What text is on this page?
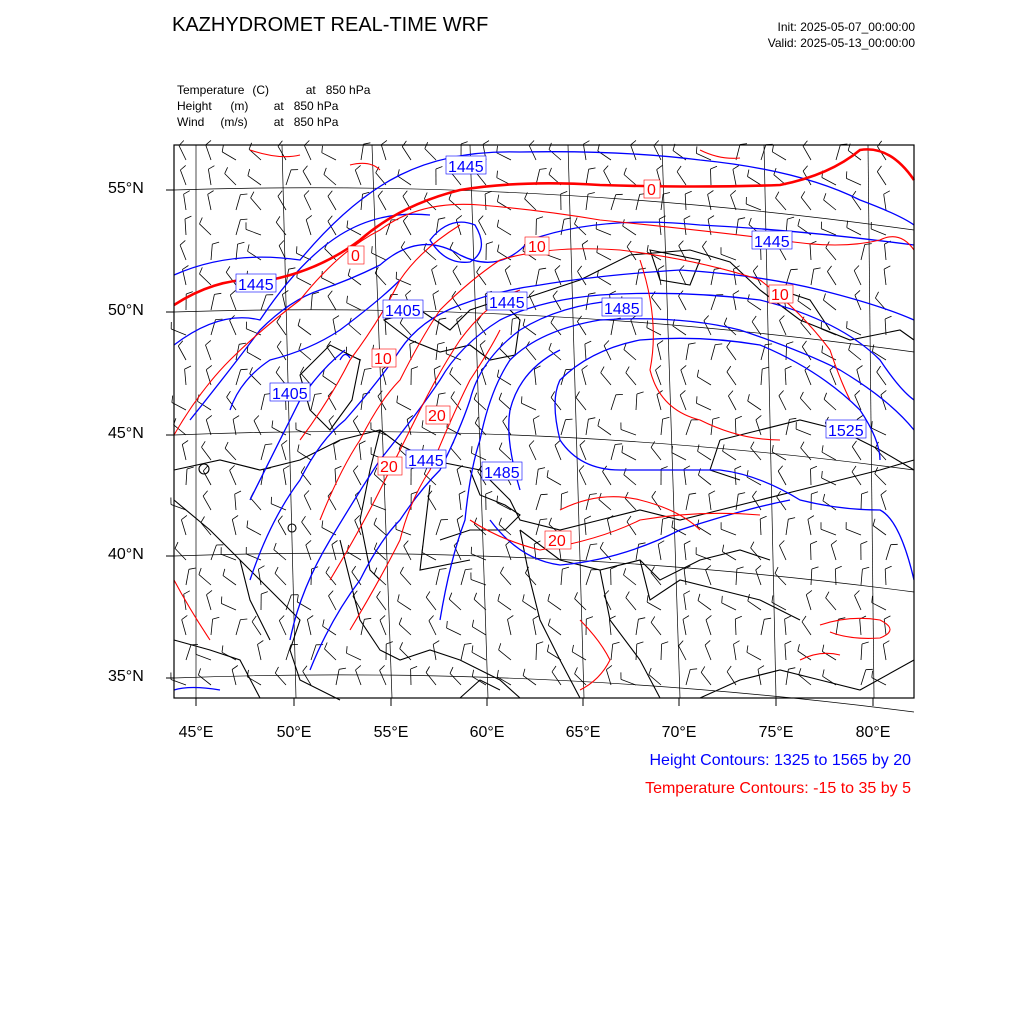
KAZHYDROMET REAL-TIME WRF	Init: 2025-05-07_00:00:00
Valid: 2025-05-13_00:00:00
Temperature (C)	at   850 hPa
Height (m) at   850 hPa
Wind (m/s) at   850 hPa
1445
1445
1445
1405	1445	1485
1405
1445
1485
1525
0
0
10
10
10
20
20
20
55°N
50°N
45°N
40°N
35°N
45°E	50°E	55°E	60°E	65°E	70°E	75°E	80°E
Height Contours: 1325 to 1565 by 20
Temperature Contours: -15 to 35 by 5
